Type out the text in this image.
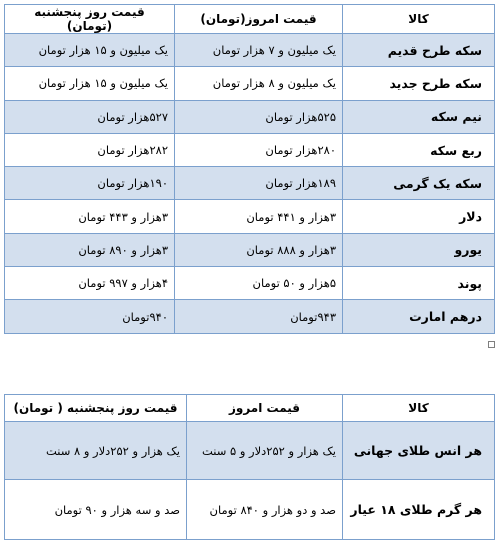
کالا	قیمت امروز(تومان)	قیمت روز پنجشنبه (تومان)
سکه طرح قدیم	یک میلیون و ۷ هزار تومان	یک میلیون و ۱۵ هزار تومان
سکه طرح جدید	یک میلیون و ۸ هزار تومان	یک میلیون و ۱۵ هزار تومان
نیم سکه	۵۲۵هزار تومان	۵۲۷هزار تومان
ربع سکه	۲۸۰هزار تومان	۲۸۲هزار تومان
سکه یک گرمی	۱۸۹هزار تومان	۱۹۰هزار تومان
دلار	۳هزار و ۴۴۱ تومان	۳هزار و ۴۴۳ تومان
یورو	۳هزار و ۸۸۸ تومان	۳هزار و ۸۹۰ تومان
پوند	۵هزار و ۵۰ تومان	۴هزار و ۹۹۷ تومان
درهم امارت	۹۴۳تومان	۹۴۰تومان
کالا	قیمت امروز	قیمت روز پنجشنبه ( تومان)
هر انس طلای جهانی	یک هزار و ۲۵۲دلار و ۵ سنت	یک هزار و ۲۵۲دلار و ۸ سنت
هر گرم طلای ۱۸ عیار	صد و دو هزار و ۸۴۰ تومان	صد و سه هزار و ۹۰ تومان
